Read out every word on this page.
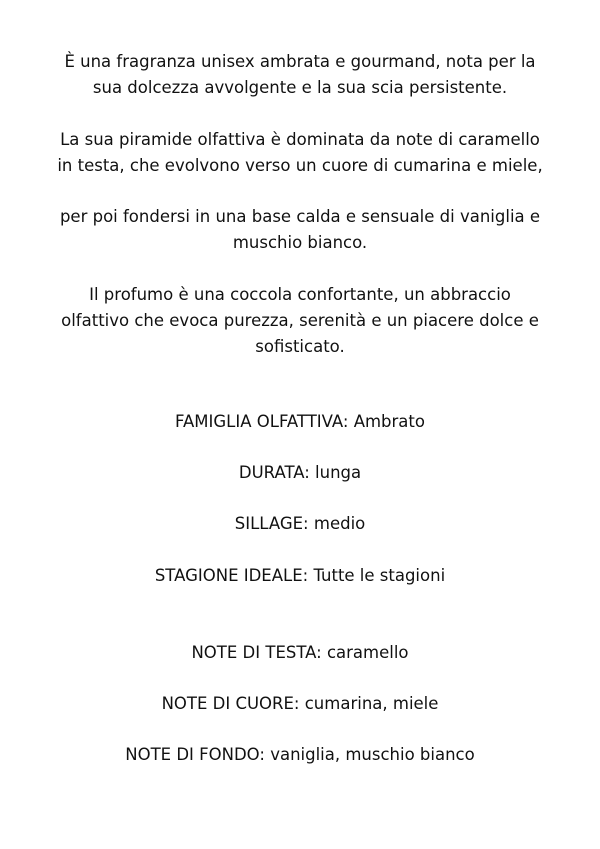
È una fragranza unisex ambrata e gourmand, nota per la
sua dolcezza avvolgente e la sua scia persistente.

La sua piramide olfattiva è dominata da note di caramello
in testa, che evolvono verso un cuore di cumarina e miele,

per poi fondersi in una base calda e sensuale di vaniglia e
muschio bianco.

Il profumo è una coccola confortante, un abbraccio
olfattivo che evoca purezza, serenità e un piacere dolce e
sofisticato.

FAMIGLIA OLFATTIVA: Ambrato

DURATA: lunga

SILLAGE: medio

STAGIONE IDEALE: Tutte le stagioni

NOTE DI TESTA: caramello

NOTE DI CUORE: cumarina, miele

NOTE DI FONDO: vaniglia, muschio bianco
